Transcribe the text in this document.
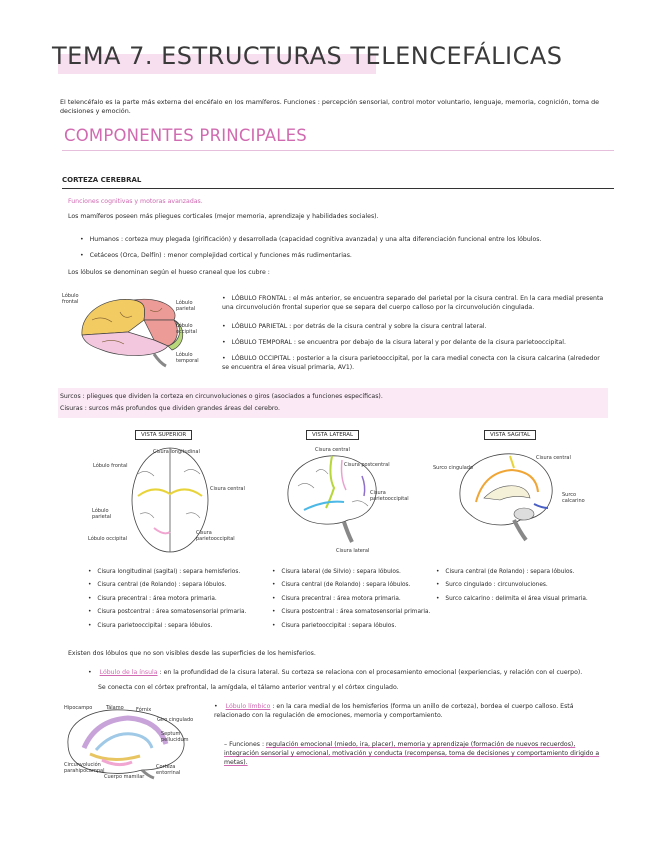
TEMA 7. ESTRUCTURAS TELENCEFÁLICAS
El telencéfalo es la parte más externa del encéfalo en los mamíferos. Funciones : percepción sensorial, control motor voluntario, lenguaje, memoria, cognición, toma de decisiones y emoción.
COMPONENTES PRINCIPALES
CORTEZA CEREBRAL
Funciones cognitivas y motoras avanzadas.
Los mamíferos poseen más pliegues corticales (mejor memoria, aprendizaje y habilidades sociales).
• Humanos : corteza muy plegada (girificación) y desarrollada (capacidad cognitiva avanzada) y una alta diferenciación funcional entre los lóbulos.
• Cetáceos (Orca, Delfín) : menor complejidad cortical y funciones más rudimentarias.
Los lóbulos se denominan según el hueso craneal que los cubre :
Lóbulo frontal	Lóbulo parietal
Lóbulo occipital
Lóbulo temporal
• LÓBULO FRONTAL : el más anterior, se encuentra separado del parietal por la cisura central. En la cara medial presenta una circunvolución frontal superior que se separa del cuerpo calloso por la circunvolución cingulada.
• LÓBULO PARIETAL : por detrás de la cisura central y sobre la cisura central lateral.
• LÓBULO TEMPORAL : se encuentra por debajo de la cisura lateral y por delante de la cisura parietooccipital.
• LÓBULO OCCIPITAL : posterior a la cisura parietooccipital, por la cara medial conecta con la cisura calcarina (alrededor se encuentra el área visual primaria, AV1).
Surcos : pliegues que dividen la corteza en circunvoluciones o giros (asociados a funciones específicas).
Cisuras : surcos más profundos que dividen grandes áreas del cerebro.
VISTA SUPERIOR	VISTA LATERAL	VISTA SAGITAL
Cisura longitudinal
Lóbulo frontal
Cisura central
Lóbulo parietal
Lóbulo occipital
Cisura parietooccipital
Cisura central
Cisura postcentral
Cisura parietooccipital
Cisura lateral
Cisura central
Surco cingulado
Surco calcarino
• Cisura longitudinal (sagital) : separa hemisferios.
• Cisura central (de Rolando) : separa lóbulos.
• Cisura precentral : área motora primaria.
• Cisura postcentral : área somatosensorial primaria.
• Cisura parietooccipital : separa lóbulos.
• Cisura lateral (de Silvio) : separa lóbulos.
• Cisura central (de Rolando) : separa lóbulos.
• Cisura precentral : área motora primaria.
• Cisura postcentral : área somatosensorial primaria.
• Cisura parietooccipital : separa lóbulos.
• Cisura central (de Rolando) : separa lóbulos.
• Surco cingulado : circunvoluciones.
• Surco calcarino : delimita el área visual primaria.
Existen dos lóbulos que no son visibles desde las superficies de los hemisferios.
• Lóbulo de la ínsula : en la profundidad de la cisura lateral. Su corteza se relaciona con el procesamiento emocional (experiencias, y relación con el cuerpo).
Se conecta con el córtex prefrontal, la amígdala, el tálamo anterior ventral y el córtex cingulado.
Hipocampo	Tálamo Fórnix
Giro cingulado
Septum pellucidum
Circunvolución parahipocampal
Cuerpo mamilar
Corteza entorrinal
• Lóbulo límbico : en la cara medial de los hemisferios (forma un anillo de corteza), bordea el cuerpo calloso. Está relacionado con la regulación de emociones, memoria y comportamiento.
– Funciones : regulación emocional (miedo, ira, placer), memoria y aprendizaje (formación de nuevos recuerdos), integración sensorial y emocional, motivación y conducta (recompensa, toma de decisiones y comportamiento dirigido a metas).
